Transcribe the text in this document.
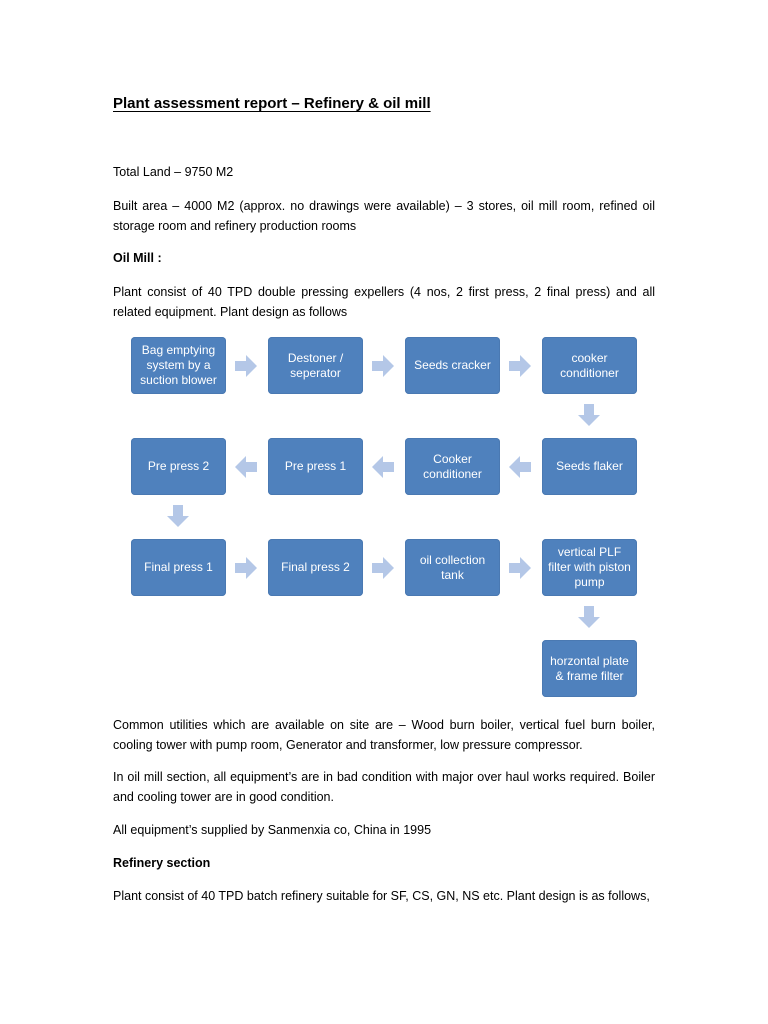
Plant assessment report – Refinery & oil mill

Total Land – 9750 M2

Built area – 4000 M2 (approx. no drawings were available) – 3 stores, oil mill room, refined oil storage room and refinery production rooms

Oil Mill :

Plant consist of 40 TPD double pressing expellers (4 nos, 2 first press, 2 final press) and all related equipment. Plant design as follows

Bag emptying system by a suction blower
Destoner / seperator
Seeds cracker
cooker conditioner
Pre press 2	Pre press 1
Cooker conditioner
Seeds flaker
Final press 1	Final press 2
oil collection tank
vertical PLF filter with piston pump
horzontal plate & frame filter

Common utilities which are available on site are – Wood burn boiler, vertical fuel burn boiler, cooling tower with pump room, Generator and transformer, low pressure compressor.

In oil mill section, all equipment’s are in bad condition with major over haul works required. Boiler and cooling tower are in good condition.

All equipment’s supplied by Sanmenxia co, China in 1995

Refinery section

Plant consist of 40 TPD batch refinery suitable for SF, CS, GN, NS etc. Plant design is as follows,
